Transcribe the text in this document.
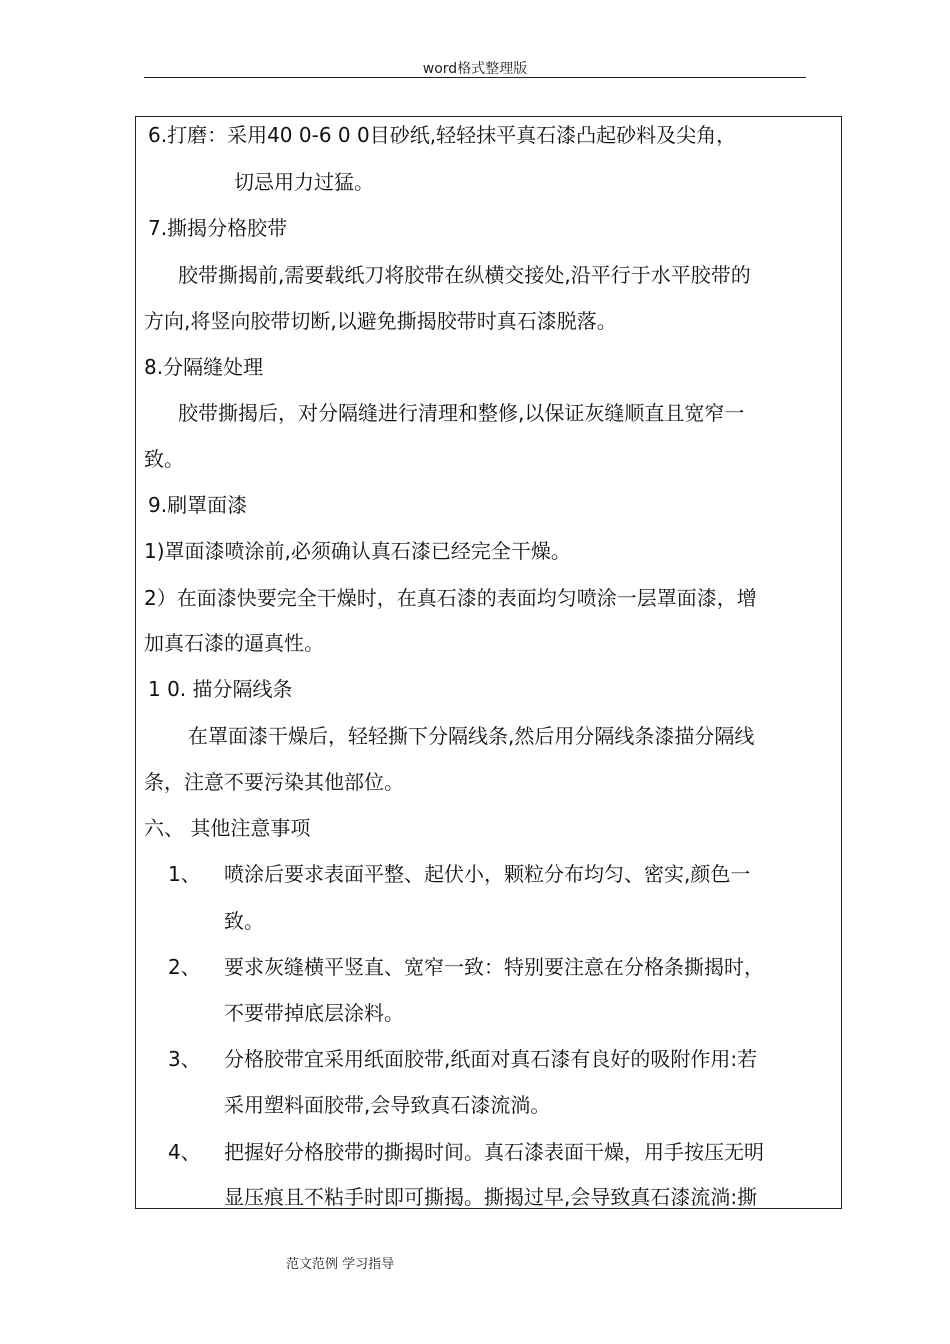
word格式整理版
6.打磨：采用40 0-6 0 0目砂纸,轻轻抹平真石漆凸起砂料及尖角，
切忌用力过猛。
7.撕揭分格胶带
胶带撕揭前,需要载纸刀将胶带在纵横交接处,沿平行于水平胶带的
方向,将竖向胶带切断,以避免撕揭胶带时真石漆脱落。
8.分隔缝处理
胶带撕揭后，对分隔缝进行清理和整修,以保证灰缝顺直且宽窄一
致。
9.刷罩面漆
1)罩面漆喷涂前,必须确认真石漆已经完全干燥。
2）在面漆快要完全干燥时，在真石漆的表面均匀喷涂一层罩面漆，增
加真石漆的逼真性。
1 0. 描分隔线条
在罩面漆干燥后，轻轻撕下分隔线条,然后用分隔线条漆描分隔线
条，注意不要污染其他部位。
六、 其他注意事项
1、 喷涂后要求表面平整、起伏小，颗粒分布均匀、密实,颜色一
致。
2、 要求灰缝横平竖直、宽窄一致：特别要注意在分格条撕揭时，
不要带掉底层涂料。
3、 分格胶带宜采用纸面胶带,纸面对真石漆有良好的吸附作用:若
采用塑料面胶带,会导致真石漆流淌。
4、 把握好分格胶带的撕揭时间。真石漆表面干燥，用手按压无明
显压痕且不粘手时即可撕揭。撕揭过早,会导致真石漆流淌:撕
范文范例 学习指导
